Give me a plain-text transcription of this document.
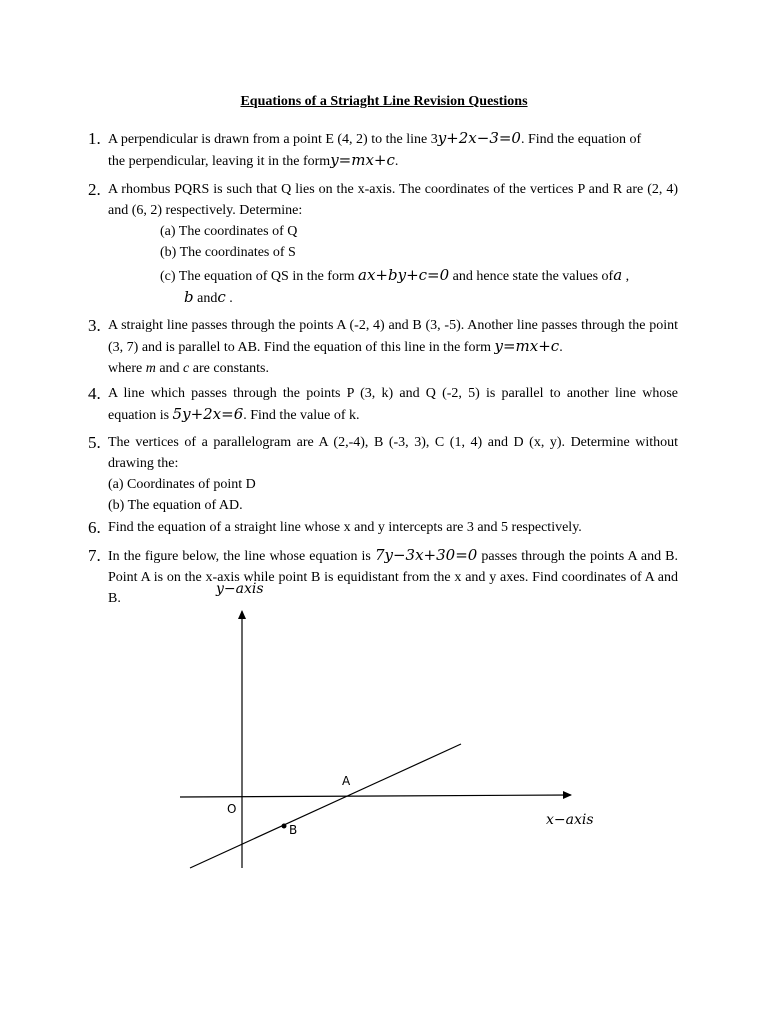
Equations of a Striaght Line Revision Questions
1. A perpendicular is drawn from a point E (4, 2) to the line 3y+2x−3=0. Find the equation of
the perpendicular, leaving it in the formy=mx+c.
2. A rhombus PQRS is such that Q lies on the x-axis. The coordinates of the vertices P and R are (2, 4) and (6, 2) respectively. Determine:
(a) The coordinates of Q
(b) The coordinates of S
(c) The equation of QS in the form ax+by+c=0 and hence state the values ofa ,
b andc .
3. A straight line passes through the points A (-2, 4) and B (3, -5). Another line passes through the point (3, 7) and is parallel to AB. Find the equation of this line in the form y=mx+c.
where m and c are constants.
4. A line which passes through the points P (3, k) and Q (-2, 5) is parallel to another line whose equation is 5y+2x=6. Find the value of k.
5. The vertices of a parallelogram are A (2,-4), B (-3, 3), C (1, 4) and D (x, y). Determine without drawing the:
(a) Coordinates of point D
(b) The equation of AD.
6. Find the equation of a straight line whose x and y intercepts are 3 and 5 respectively.
7. In the figure below, the line whose equation is 7y−3x+30=0 passes through the points A and B. Point A is on the x-axis while point B is equidistant from the x and y axes. Find coordinates of A and B.
y−axis
x−axis
O
A
B
